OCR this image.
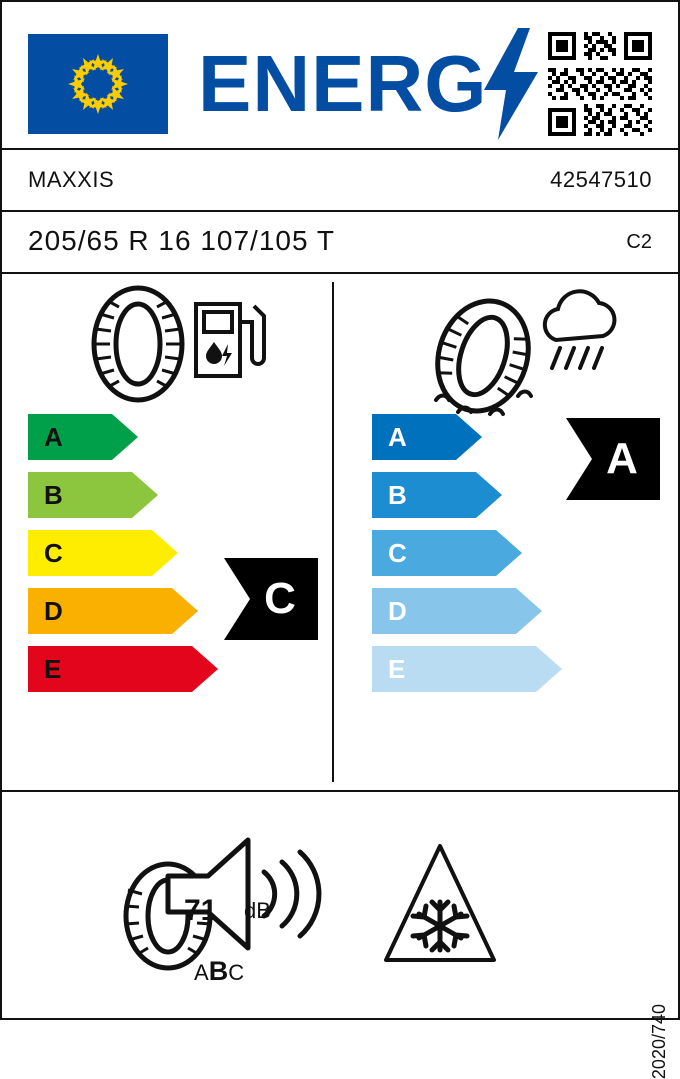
ENERG
MAXXIS	42547510
205/65 R 16 107/105 T	C2
A
B
C
D
E
C
A
B
C
D
E
A
71 dB
ABC
2020/740
